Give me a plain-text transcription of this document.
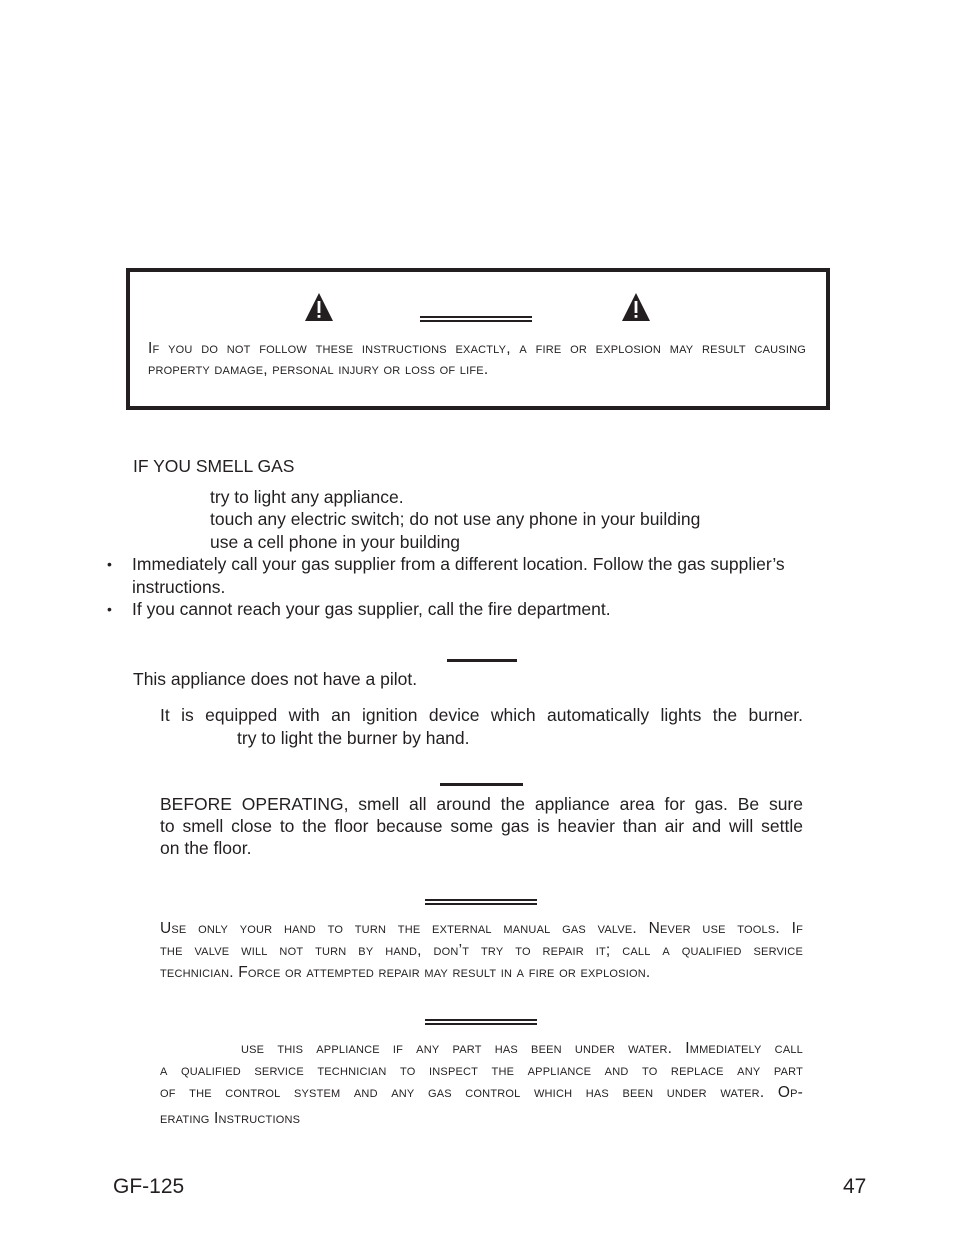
If you do not follow these instructions exactly, a fire or explosion may result causing property damage, personal injury or loss of life.
IF YOU SMELL GAS
try to light any appliance.
touch any electric switch; do not use any phone in your building
use a cell phone in your building
• Immediately call your gas supplier from a different location. Follow the gas supplier’s
instructions.
• If you cannot reach your gas supplier, call the fire department.
This appliance does not have a pilot.
It is equipped with an ignition device which automatically lights the burner.
try to light the burner by hand.
BEFORE OPERATING, smell all around the appliance area for gas. Be sure
to smell close to the floor because some gas is heavier than air and will settle
on the floor.
Use only your hand to turn the external manual gas valve. Never use tools. If
the valve will not turn by hand, don’t try to repair it; call a qualified service
technician. Force or attempted repair may result in a fire or explosion.
use this appliance if any part has been under water. Immediately call
a qualified service technician to inspect the appliance and to replace any part
of the control system and any gas control which has been under water. Op-
erating Instructions
GF-125	47
